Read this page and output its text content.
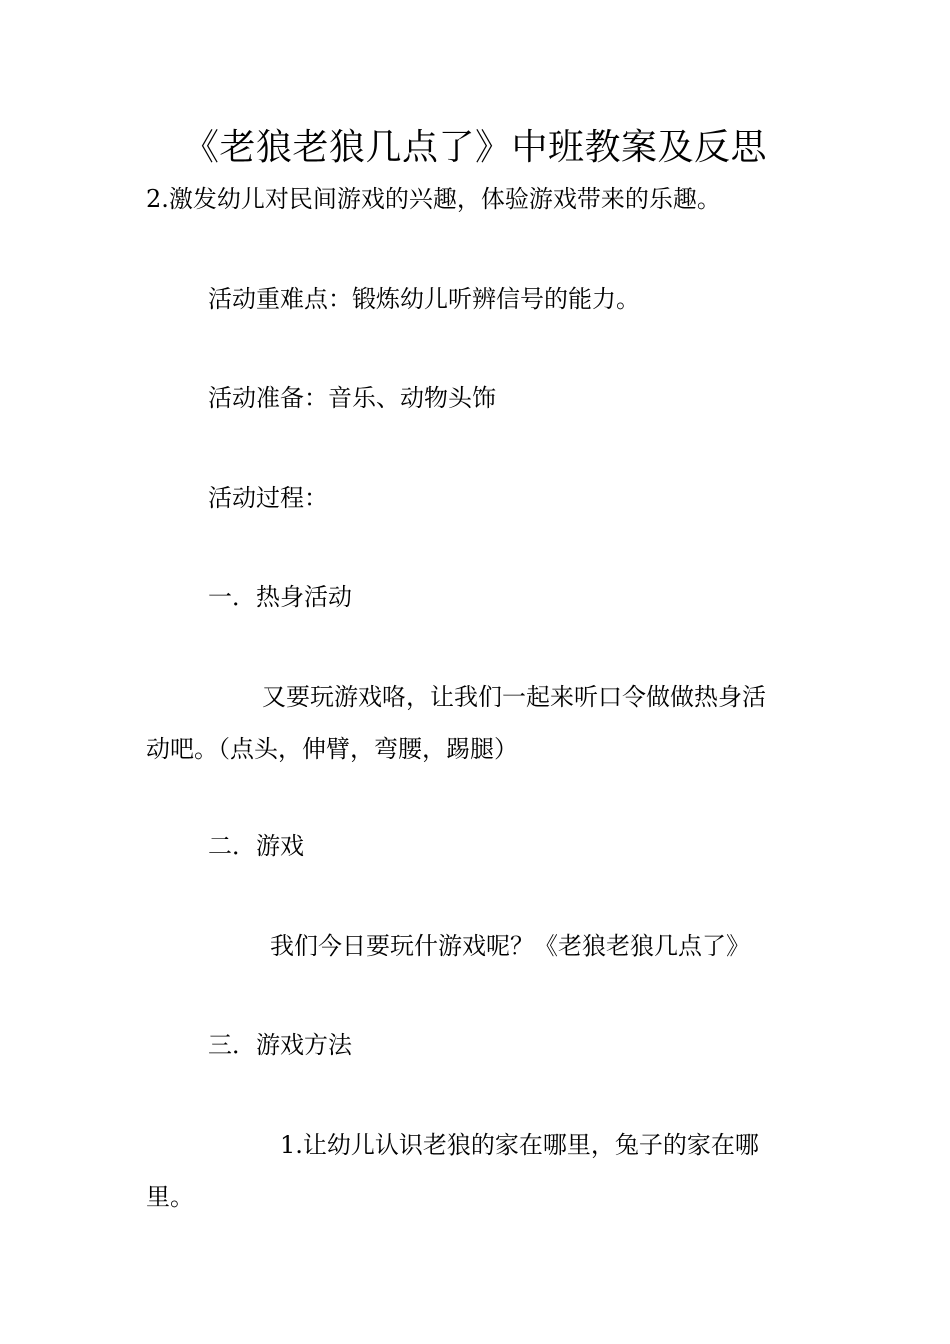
《老狼老狼几点了》中班教案及反思

2.激发幼儿对民间游戏的兴趣，体验游戏带来的乐趣。

活动重难点：锻炼幼儿听辨信号的能力。

活动准备：音乐、动物头饰

活动过程：

一．热身活动

又要玩游戏咯，让我们一起来听口令做做热身活

动吧。（点头，伸臂，弯腰，踢腿）

二．游戏

我们今日要玩什游戏呢？《老狼老狼几点了》

三．游戏方法

1.让幼儿认识老狼的家在哪里，兔子的家在哪

里。
